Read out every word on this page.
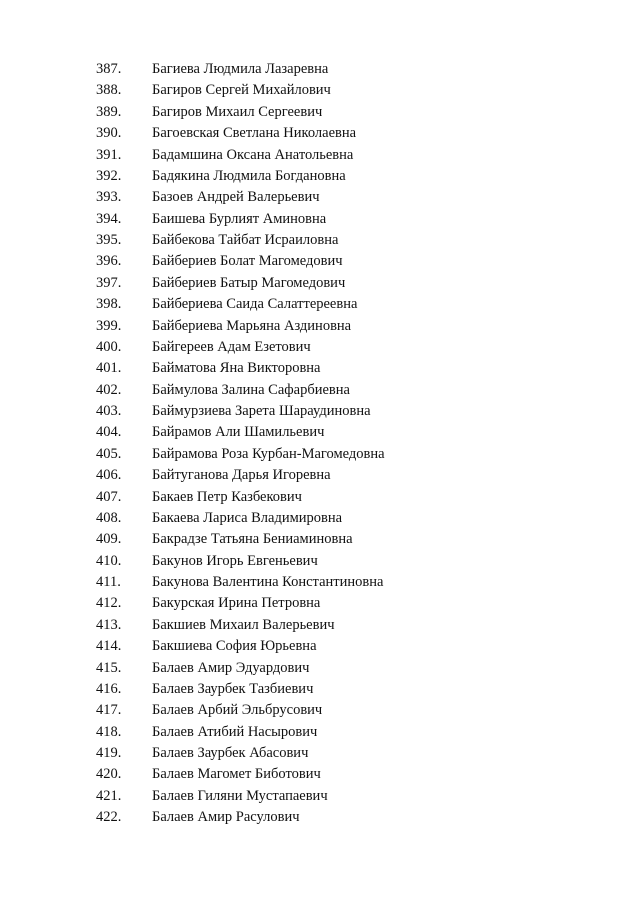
387.	Багиева Людмила Лазаревна
388.	Багиров Сергей Михайлович
389.	Багиров Михаил Сергеевич
390.	Багоевская Светлана Николаевна
391.	Бадамшина Оксана Анатольевна
392.	Бадякина Людмила Богдановна
393.	Базоев Андрей Валерьевич
394.	Баишева Бурлият Аминовна
395.	Байбекова Тайбат Исраиловна
396.	Байбериев Болат Магомедович
397.	Байбериев Батыр Магомедович
398.	Байбериева Саида Салаттереевна
399.	Байбериева Марьяна Аздиновна
400.	Байгереев Адам Езетович
401.	Байматова Яна Викторовна
402.	Баймулова Залина Сафарбиевна
403.	Баймурзиева Зарета Шараудиновна
404.	Байрамов Али Шамильевич
405.	Байрамова Роза Курбан-Магомедовна
406.	Байтуганова Дарья Игоревна
407.	Бакаев Петр Казбекович
408.	Бакаева Лариса Владимировна
409.	Бакрадзе Татьяна Бениаминовна
410.	Бакунов Игорь Евгеньевич
411.	Бакунова Валентина Константиновна
412.	Бакурская Ирина Петровна
413.	Бакшиев Михаил Валерьевич
414.	Бакшиева София Юрьевна
415.	Балаев Амир Эдуардович
416.	Балаев Заурбек Тазбиевич
417.	Балаев Арбий Эльбрусович
418.	Балаев Атибий Насырович
419.	Балаев Заурбек Абасович
420.	Балаев Магомет Биботович
421.	Балаев Гиляни Мустапаевич
422.	Балаев Амир Расулович
